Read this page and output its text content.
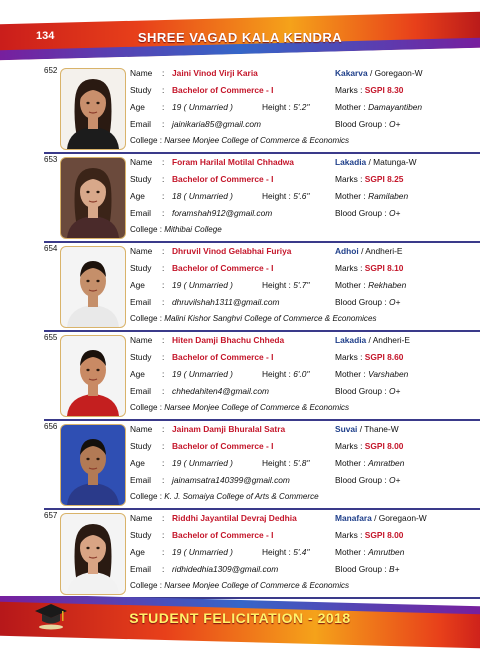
134	SHREE VAGAD KALA KENDRA
652	Name : Jaini Vinod Virji Karia	Kakarva / Goregaon-W
Study : Bachelor of Commerce - I	Marks : SGPI 8.30
Age : 19 ( Unmarried )	Height : 5'.2"	Mother : Damayantiben
Email : jainikaria85@gmail.com	Blood Group : O+
College : Narsee Monjee College of Commerce & Economics
653	Name : Foram Harilal Motilal Chhadwa	Lakadia / Matunga-W
Study : Bachelor of Commerce - I	Marks : SGPI 8.25
Age : 18 ( Unmarried )	Height : 5'.6"	Mother : Ramilaben
Email : foramshah912@gmail.com	Blood Group : O+
College : Mithibai College
654	Name : Dhruvil Vinod Gelabhai Furiya	Adhoi / Andheri-E
Study : Bachelor of Commerce - I	Marks : SGPI 8.10
Age : 19 ( Unmarried )	Height : 5'.7"	Mother : Rekhaben
Email : dhruvilshah1311@gmail.com	Blood Group : O+
College : Malini Kishor Sanghvi College of Commerce & Economices
655	Name : Hiten Damji Bhachu Chheda	Lakadia / Andheri-E
Study : Bachelor of Commerce - I	Marks : SGPI 8.60
Age : 19 ( Unmarried )	Height : 6'.0"	Mother : Varshaben
Email : chhedahiten4@gmail.com	Blood Group : O+
College : Narsee Monjee College of Commerce & Economics
656	Name : Jainam Damji Bhuralal Satra	Suvai / Thane-W
Study : Bachelor of Commerce - I	Marks : SGPI 8.00
Age : 19 ( Unmarried )	Height : 5'.8"	Mother : Amratben
Email : jainamsatra140399@gmail.com	Blood Group : O+
College : K. J. Somaiya College of Arts & Commerce
657	Name : Riddhi Jayantilal Devraj Dedhia	Manafara / Goregaon-W
Study : Bachelor of Commerce - I	Marks : SGPI 8.00
Age : 19 ( Unmarried )	Height : 5'.4"	Mother : Amrutben
Email : ridhidedhia1309@gmail.com	Blood Group : B+
College : Narsee Monjee College of Commerce & Economics
STUDENT FELICITATION - 2018
